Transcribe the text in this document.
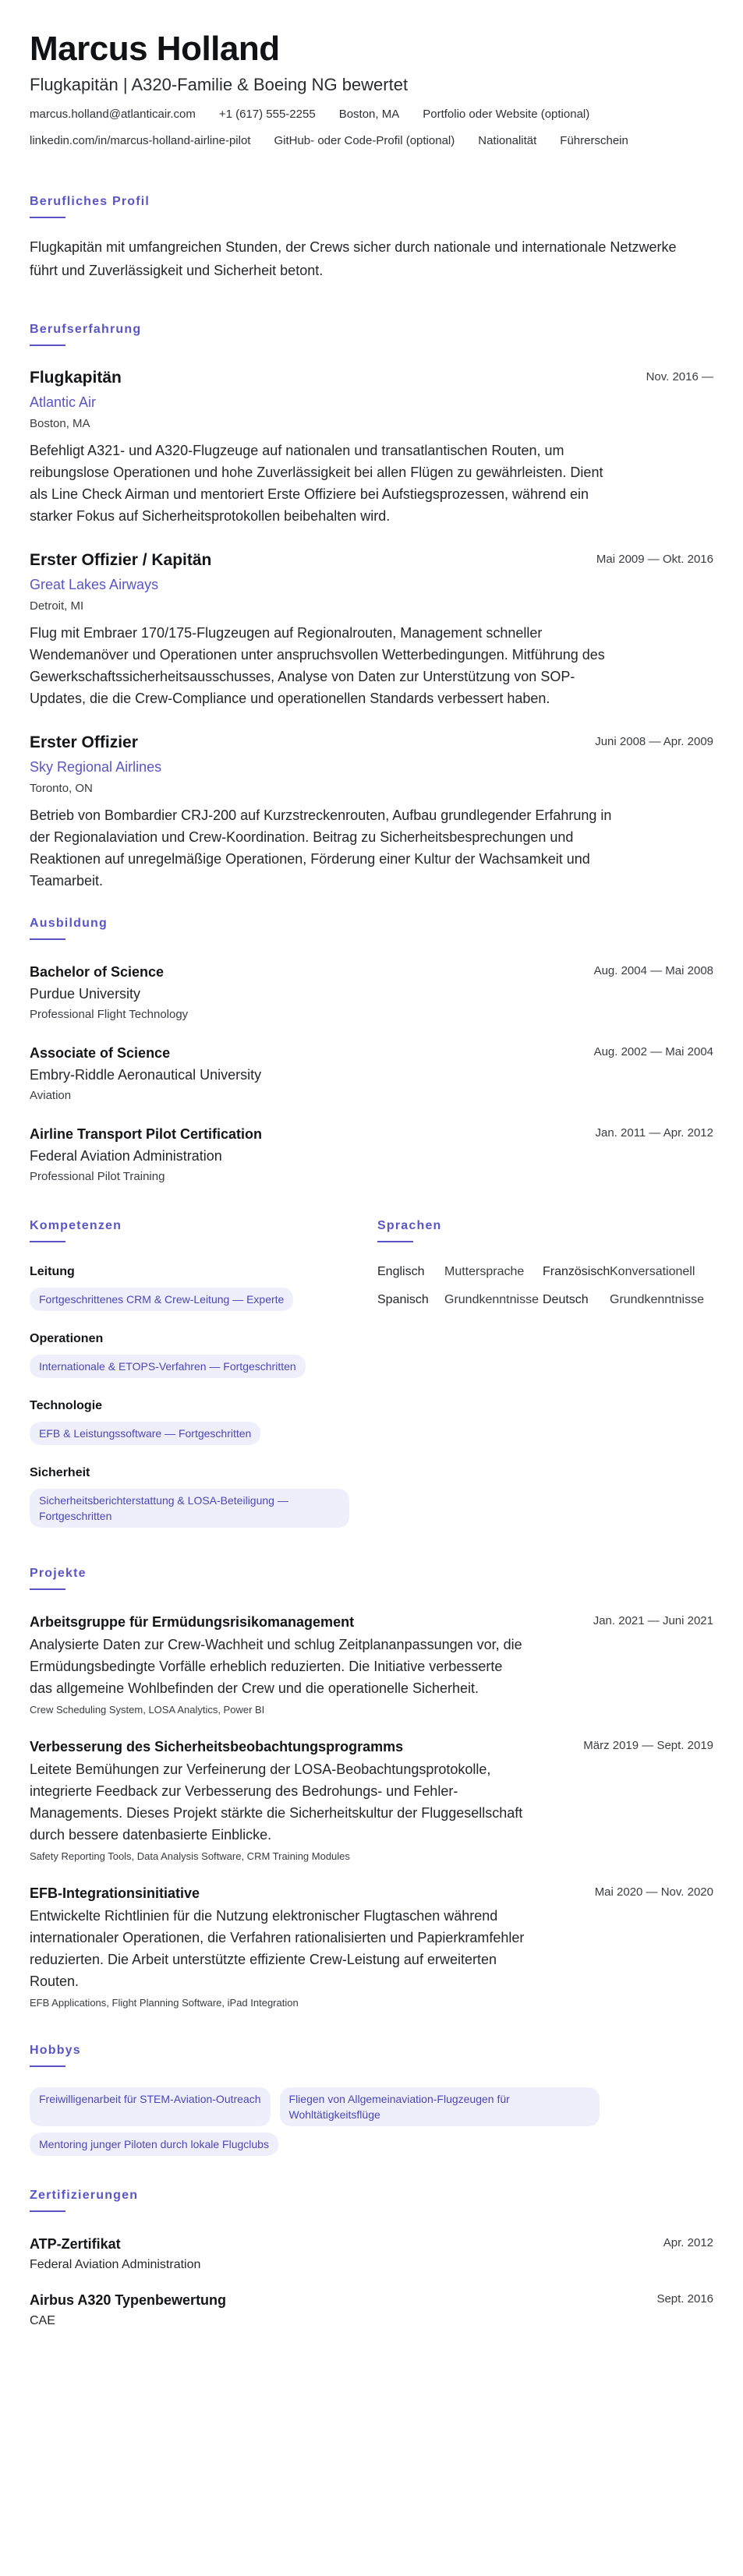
Marcus Holland
Flugkapitän | A320-Familie & Boeing NG bewertet
marcus.holland@atlanticair.com +1 (617) 555-2255 Boston, MA Portfolio oder Website (optional)
linkedin.com/in/marcus-holland-airline-pilot GitHub- oder Code-Profil (optional) Nationalität Führerschein
Berufliches Profil

Flugkapitän mit umfangreichen Stunden, der Crews sicher durch nationale und internationale Netzwerke führt und Zuverlässigkeit und Sicherheit betont.

Berufserfahrung
Flugkapitän	Nov. 2016 —
Atlantic Air
Boston, MA

Befehligt A321- und A320-Flugzeuge auf nationalen und transatlantischen Routen, um reibungslose Operationen und hohe Zuverlässigkeit bei allen Flügen zu gewährleisten. Dient als Line Check Airman und mentoriert Erste Offiziere bei Aufstiegsprozessen, während ein starker Fokus auf Sicherheitsprotokollen beibehalten wird.

Erster Offizier / Kapitän	Mai 2009 — Okt. 2016
Great Lakes Airways
Detroit, MI

Flug mit Embraer 170/175-Flugzeugen auf Regionalrouten, Management schneller Wendemanöver und Operationen unter anspruchsvollen Wetterbedingungen. Mitführung des Gewerkschaftssicherheitsausschusses, Analyse von Daten zur Unterstützung von SOP-Updates, die die Crew-Compliance und operationellen Standards verbessert haben.

Erster Offizier	Juni 2008 — Apr. 2009
Sky Regional Airlines
Toronto, ON

Betrieb von Bombardier CRJ-200 auf Kurzstreckenrouten, Aufbau grundlegender Erfahrung in der Regionalaviation und Crew-Koordination. Beitrag zu Sicherheitsbesprechungen und Reaktionen auf unregelmäßige Operationen, Förderung einer Kultur der Wachsamkeit und Teamarbeit.

Ausbildung
Bachelor of Science	Aug. 2004 — Mai 2008
Purdue University
Professional Flight Technology
Associate of Science	Aug. 2002 — Mai 2004
Embry-Riddle Aeronautical University
Aviation
Airline Transport Pilot Certification	Jan. 2011 — Apr. 2012
Federal Aviation Administration
Professional Pilot Training
Kompetenzen
Leitung
Fortgeschrittenes CRM & Crew-Leitung — Experte
Operationen
Internationale & ETOPS-Verfahren — Fortgeschritten
Technologie
EFB & Leistungssoftware — Fortgeschritten
Sicherheit
Sicherheitsberichterstattung & LOSA-Beteiligung — Fortgeschritten
Sprachen
Englisch	Muttersprache Französisch Konversationell
Spanisch	Grundkenntnisse Deutsch	Grundkenntnisse
Projekte
Arbeitsgruppe für Ermüdungsrisikomanagement	Jan. 2021 — Juni 2021

Analysierte Daten zur Crew-Wachheit und schlug Zeitplananpassungen vor, die Ermüdungsbedingte Vorfälle erheblich reduzierten. Die Initiative verbesserte das allgemeine Wohlbefinden der Crew und die operationelle Sicherheit.

Crew Scheduling System, LOSA Analytics, Power BI
Verbesserung des Sicherheitsbeobachtungsprogramms	März 2019 — Sept. 2019

Leitete Bemühungen zur Verfeinerung der LOSA-Beobachtungsprotokolle, integrierte Feedback zur Verbesserung des Bedrohungs- und Fehler-Managements. Dieses Projekt stärkte die Sicherheitskultur der Fluggesellschaft durch bessere datenbasierte Einblicke.

Safety Reporting Tools, Data Analysis Software, CRM Training Modules
EFB-Integrationsinitiative	Mai 2020 — Nov. 2020

Entwickelte Richtlinien für die Nutzung elektronischer Flugtaschen während internationaler Operationen, die Verfahren rationalisierten und Papierkramfehler reduzierten. Die Arbeit unterstützte effiziente Crew-Leistung auf erweiterten Routen.

EFB Applications, Flight Planning Software, iPad Integration
Hobbys
Freiwilligenarbeit für STEM-Aviation-Outreach	Fliegen von Allgemeinaviation-Flugzeugen für Wohltätigkeitsflüge
Mentoring junger Piloten durch lokale Flugclubs
Zertifizierungen
ATP-Zertifikat	Apr. 2012
Federal Aviation Administration
Airbus A320 Typenbewertung	Sept. 2016
CAE
